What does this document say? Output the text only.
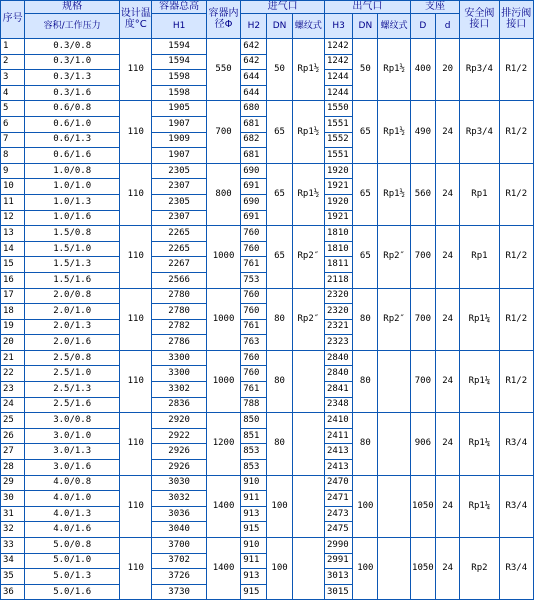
序号	规格	设计温度°C	容器总高	容器内径Φ	进气口			出气口			支座		安全阀接口	排污阀接口
	容积/工作压力		H1		H2	DN	螺纹式	H3	DN	螺纹式	D	d		
1	0.3/0.8	110	1594	550	642	50	Rp1½	1242	50	Rp1½	400	20	Rp3/4	R1/2
2	0.3/1.0		1594		642			1242						
3	0.3/1.3		1598		644			1244						
4	0.3/1.6		1598		644			1244						
5	0.6/0.8	110	1905	700	680	65	Rp1½	1550	65	Rp1½	490	24	Rp3/4	R1/2
6	0.6/1.0		1907		681			1551						
7	0.6/1.3		1909		682			1552						
8	0.6/1.6		1907		681			1551						
9	1.0/0.8	110	2305	800	690	65	Rp1½	1920	65	Rp1½	560	24	Rp1	R1/2
10	1.0/1.0		2307		691			1921						
11	1.0/1.3		2305		690			1920						
12	1.0/1.6		2307		691			1921						
13	1.5/0.8	110	2265	1000	760	65	Rp2″	1810	65	Rp2″	700	24	Rp1	R1/2
14	1.5/1.0		2265		760			1810						
15	1.5/1.3		2267		761			1811						
16	1.5/1.6		2566		753			2118						
17	2.0/0.8	110	2780	1000	760	80	Rp2″	2320	80	Rp2″	700	24	Rp1¼	R1/2
18	2.0/1.0		2780		760			2320						
19	2.0/1.3		2782		761			2321						
20	2.0/1.6		2786		763			2323						
21	2.5/0.8	110	3300	1000	760	80		2840	80		700	24	Rp1¼	R1/2
22	2.5/1.0		3300		760			2840						
23	2.5/1.3		3302		761			2841						
24	2.5/1.6		2836		788			2348						
25	3.0/0.8	110	2920	1200	850	80		2410	80		906	24	Rp1¼	R3/4
26	3.0/1.0		2922		851			2411						
27	3.0/1.3		2926		853			2413						
28	3.0/1.6		2926		853			2413						
29	4.0/0.8	110	3030	1400	910	100		2470	100		1050	24	Rp1¼	R3/4
30	4.0/1.0		3032		911			2471						
31	4.0/1.3		3036		913			2473						
32	4.0/1.6		3040		915			2475						
33	5.0/0.8	110	3700	1400	910	100		2990	100		1050	24	Rp2	R3/4
34	5.0/1.0		3702		911			2991						
35	5.0/1.3		3726		913			3013						
36	5.0/1.6		3730		915			3015						
